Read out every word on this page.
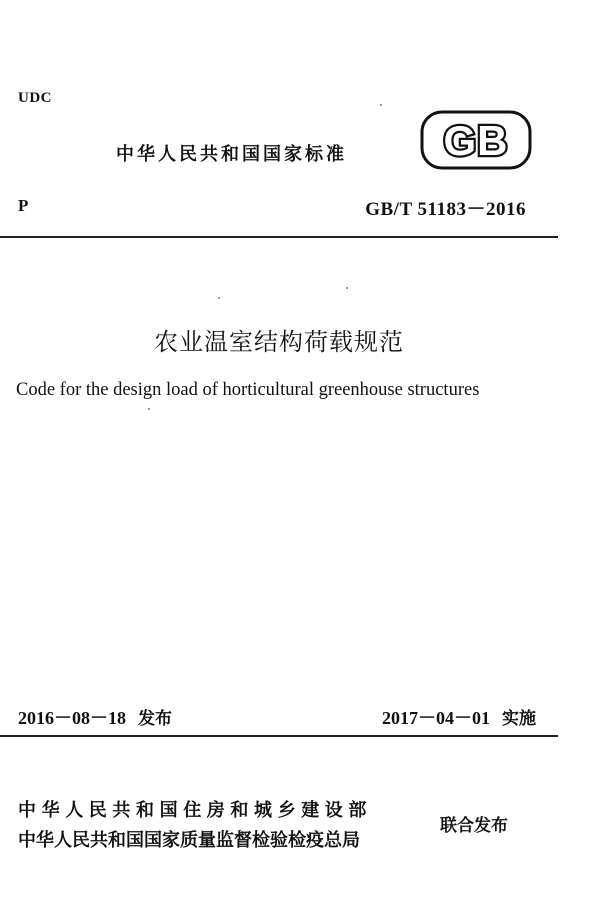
UDC
中华人民共和国国家标准 GB
P	GB/T 51183－2016
农业温室结构荷载规范
Code for the design load of horticultural greenhouse structures
2016－08－18 发布	2017－04－01 实施
中华人民共和国住房和城乡建设部
中华人民共和国国家质量监督检验检疫总局
联合发布
